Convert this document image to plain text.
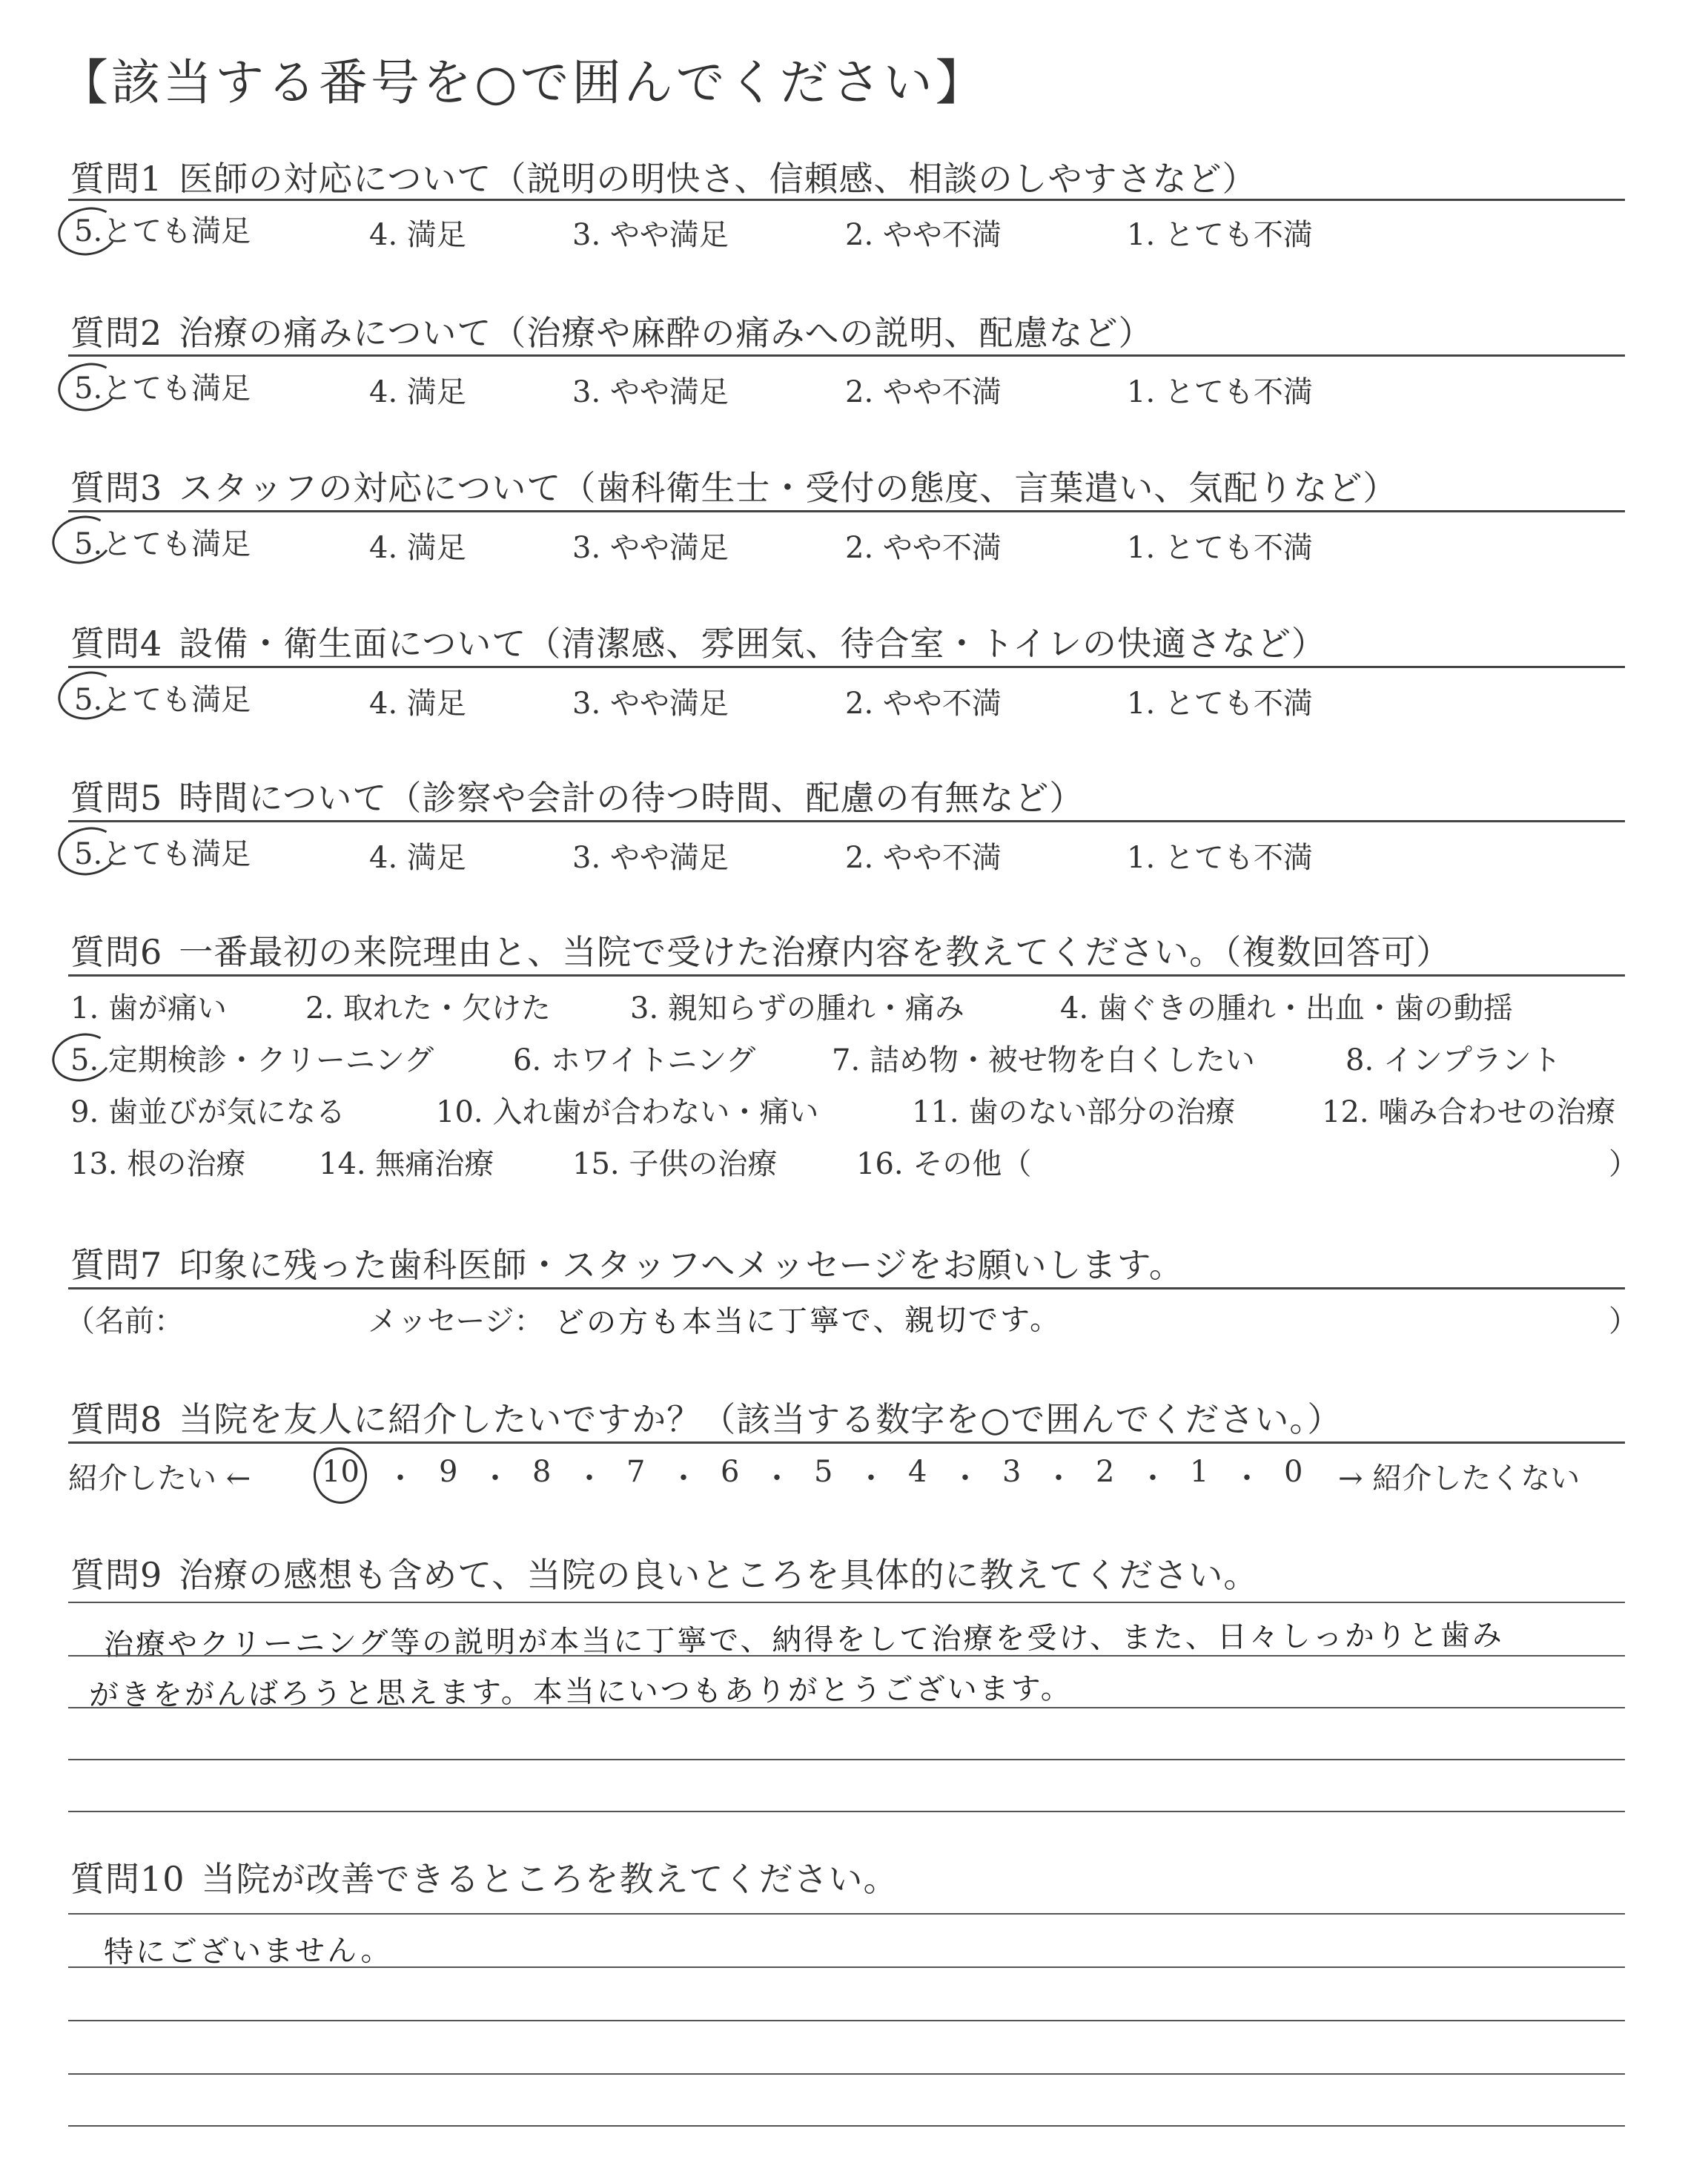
【該当する番号を○で囲んでください】
質問1 医師の対応について（説明の明快さ、信頼感、相談のしやすさなど）
5.とても満足	4. 満足	3. やや満足	2. やや不満	1. とても不満
質問2 治療の痛みについて（治療や麻酔の痛みへの説明、配慮など）
5.とても満足	4. 満足	3. やや満足	2. やや不満	1. とても不満
質問3 スタッフの対応について（歯科衛生士・受付の態度、言葉遣い、気配りなど）
5.とても満足	4. 満足	3. やや満足	2. やや不満	1. とても不満
質問4 設備・衛生面について（清潔感、雰囲気、待合室・トイレの快適さなど）
5.とても満足	4. 満足	3. やや満足	2. やや不満	1. とても不満
質問5 時間について（診察や会計の待つ時間、配慮の有無など）
5.とても満足	4. 満足	3. やや満足	2. やや不満	1. とても不満
質問6 一番最初の来院理由と、当院で受けた治療内容を教えてください。（複数回答可）
1. 歯が痛い	2. 取れた・欠けた	3. 親知らずの腫れ・痛み	4. 歯ぐきの腫れ・出血・歯の動揺
5. 定期検診・クリーニング	6. ホワイトニング	7. 詰め物・被せ物を白くしたい	8. インプラント
9. 歯並びが気になる	10. 入れ歯が合わない・痛い	11. 歯のない部分の治療	12. 噛み合わせの治療
13. 根の治療 14. 無痛治療	15. 子供の治療	16. その他（	）
質問7 印象に残った歯科医師・スタッフへメッセージをお願いします。
（名前：	メッセージ： どの方も本当に丁寧で、親切です。	）
質問8 当院を友人に紹介したいですか？（該当する数字を○で囲んでください。）
紹介したい ← 10 ・ 9 ・ 8 ・ 7 ・ 6 ・ 5 ・ 4 ・ 3 ・ 2 ・ 1 ・ 0 → 紹介したくない
質問9 治療の感想も含めて、当院の良いところを具体的に教えてください。
治療やクリーニング等の説明が本当に丁寧で、納得をして治療を受け、また、日々しっかりと歯み
がきをがんばろうと思えます。本当にいつもありがとうございます。
質問10 当院が改善できるところを教えてください。
特にございません。
